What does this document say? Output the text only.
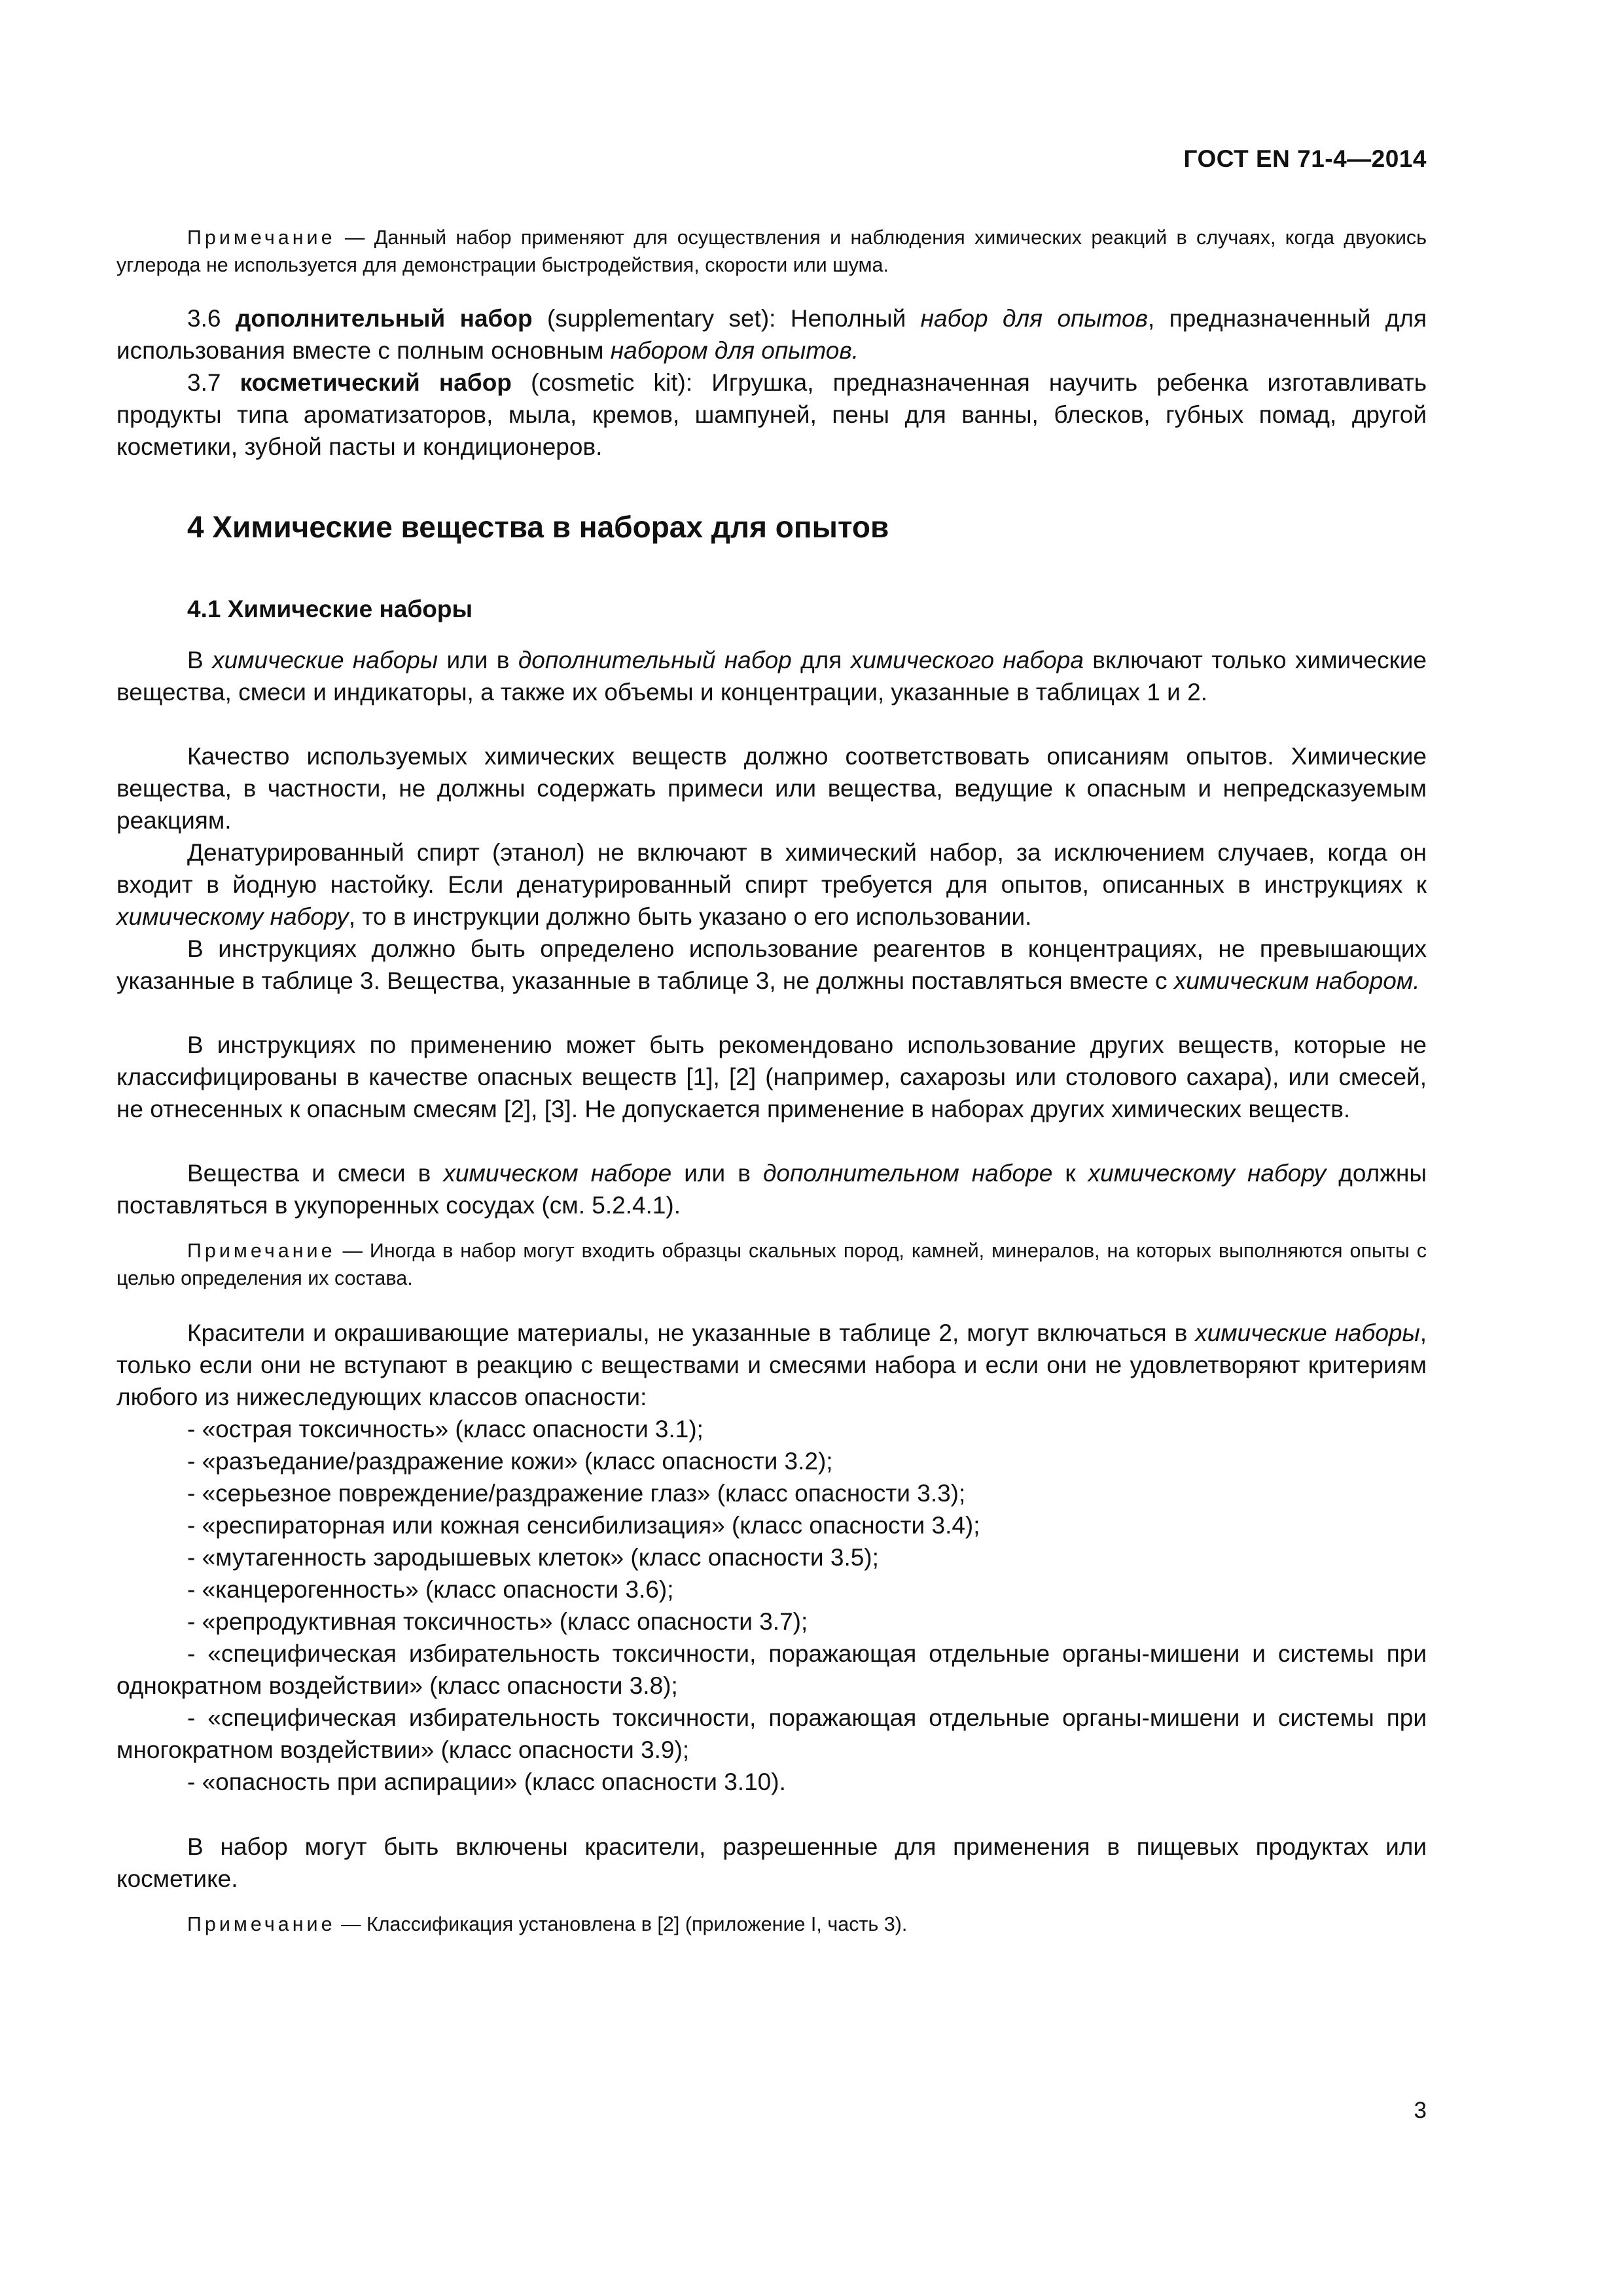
ГОСТ EN 71-4—2014
Примечание — Данный набор применяют для осуществления и наблюдения химических реакций в случаях, когда двуокись углерода не используется для демонстрации быстродействия, скорости или шума.
3.6 дополнительный набор (supplementary set): Неполный набор для опытов, предназначенный для использования вместе с полным основным набором для опытов.
3.7 косметический набор (cosmetic kit): Игрушка, предназначенная научить ребенка изготавливать продукты типа ароматизаторов, мыла, кремов, шампуней, пены для ванны, блесков, губных помад, другой косметики, зубной пасты и кондиционеров.
4 Химические вещества в наборах для опытов
4.1 Химические наборы
В химические наборы или в дополнительный набор для химического набора включают только химические вещества, смеси и индикаторы, а также их объемы и концентрации, указанные в таблицах 1 и 2.
Качество используемых химических веществ должно соответствовать описаниям опытов. Химические вещества, в частности, не должны содержать примеси или вещества, ведущие к опасным и непредсказуемым реакциям.
Денатурированный спирт (этанол) не включают в химический набор, за исключением случаев, когда он входит в йодную настойку. Если денатурированный спирт требуется для опытов, описанных в инструкциях к химическому набору, то в инструкции должно быть указано о его использовании.
В инструкциях должно быть определено использование реагентов в концентрациях, не превышающих указанные в таблице 3. Вещества, указанные в таблице 3, не должны поставляться вместе с химическим набором.
В инструкциях по применению может быть рекомендовано использование других веществ, которые не классифицированы в качестве опасных веществ [1], [2] (например, сахарозы или столового сахара), или смесей, не отнесенных к опасным смесям [2], [3]. Не допускается применение в наборах других химических веществ.
Вещества и смеси в химическом наборе или в дополнительном наборе к химическому набору должны поставляться в укупоренных сосудах (см. 5.2.4.1).
Примечание — Иногда в набор могут входить образцы скальных пород, камней, минералов, на которых выполняются опыты с целью определения их состава.
Красители и окрашивающие материалы, не указанные в таблице 2, могут включаться в химические наборы, только если они не вступают в реакцию с веществами и смесями набора и если они не удовлетворяют критериям любого из нижеследующих классов опасности:
- «острая токсичность» (класс опасности 3.1);
- «разъедание/раздражение кожи» (класс опасности 3.2);
- «серьезное повреждение/раздражение глаз» (класс опасности 3.3);
- «респираторная или кожная сенсибилизация» (класс опасности 3.4);
- «мутагенность зародышевых клеток» (класс опасности 3.5);
- «канцерогенность» (класс опасности 3.6);
- «репродуктивная токсичность» (класс опасности 3.7);
- «специфическая избирательность токсичности, поражающая отдельные органы-мишени и системы при однократном воздействии» (класс опасности 3.8);
- «специфическая избирательность токсичности, поражающая отдельные органы-мишени и системы при многократном воздействии» (класс опасности 3.9);
- «опасность при аспирации» (класс опасности 3.10).
В набор могут быть включены красители, разрешенные для применения в пищевых продуктах или косметике.
Примечание — Классификация установлена в [2] (приложение I, часть 3).
3
